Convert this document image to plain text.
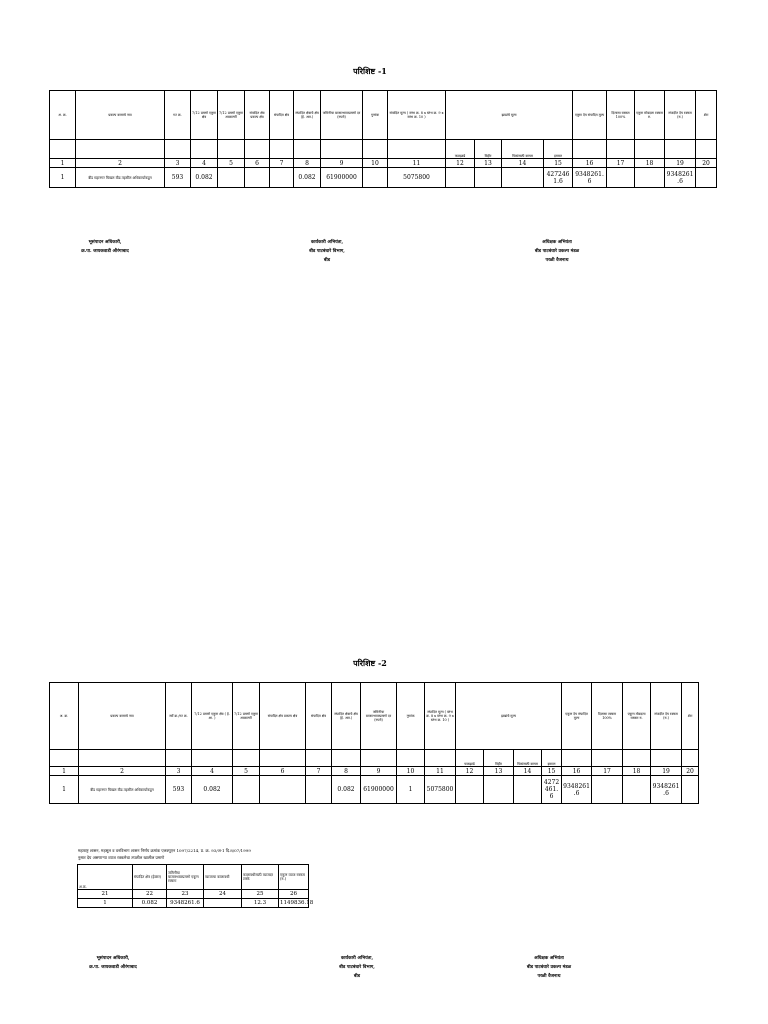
परिशिष्ट -1
अ. क्र.	प्रकल्प कामाचे नाव	गट क्र.	7/12 प्रमाणे एकूण क्षेत्र	7/12 प्रमाणे एकूण आकारणी	संपादित क्षेत्र प्रकल्प क्षेत्र	संपादित क्षेत्र	संपादित क्षेत्राचे क्षेत्र (हे. आर.)	जमिनीचा बाजारभावाप्रमाणे दर (रुपये)	गुणांक	संपादित मूल्य ( स्तंभ क्र. 8 x स्तंभ क्र. 9 x स्तंभ क्र. 10 )	झाडांचे मूल्य				एकूण देय संपादित मूल्य	दिलासा रक्कम 100%	एकूण मोबदला रक्कम रु.	संपादीत देय रक्कम (रु.)	शेरा
											फळझाडे	विहीर	पिकांसाठी कायम	इमारत					
1	2	3	4	5	6	7	8	9	10	11	12	13	14	15	16	17	18	19	20
1	बीड महानगर चिखल बीड तहसील अधिकार्याकडून	593	0.082				0.082	61900000		5075800				4272461.6	9348261.6			9348261.6	
भूसंपादन अधिकारी,
क्र.पा. जायकवाडी औरंगाबाद
कार्यकारी अभियंता,
बीड पाटबंधारे विभाग,
बीड
अधिक्षक अभियंता
बीड पाटबंधारे प्रकल्प मंडळ
परळी वैजनाथ
परिशिष्ट -2
अ. क्र.	प्रकल्प कामाचे नाव	सर्वे क्र./गट क्र.	7/12 प्रमाणे एकूण क्षेत्र ( हे. आ. )	7/12 प्रमाणे एकूण आकारणी	संपादित क्षेत्र प्रकल्प क्षेत्र	संपादित क्षेत्र	संपादित क्षेत्राचे क्षेत्र (हे. आर.)	जमिनीचा बाजारभावाप्रमाणे दर (रुपये)	गुणांक	संपादित मूल्य ( स्तंभ क्र. 8 x स्तंभ क्र. 9 x स्तंभ क्र. 10 )	झाडांचे मूल्य				एकूण देय संपादित मूल्य	दिलासा रक्कम 100%	एकूण मोबदला रक्कम रु.	संपादीत देय रक्कम (रु.)	शेरा
											फळझाडे	विहीर	पिकांसाठी कायम	इमारत					
1	2	3	4	5	6	7	8	9	10	11	12	13	14	15	16	17	18	19	20
1	बीड महानगर चिखल बीड तहसील अधिकार्याकडून	593	0.082				0.082	61900000	1	5075800				4272461.6	9348261.6			9348261.6	
महाराष्ट्र शासन, महसूल व वनविभाग शासन निर्णय क्रमांक एलक्यूएन 1097/2214, प्र. क्र. 93/अ-1 दि.8/07/1999
नुसार देय असणाऱ्या व्याज रक्कमेचा तपशील खालील प्रमाणे
अ.क्र.	संपादित क्षेत्र (हेक्टर)	जमिनीचा बाजारभावाप्रमाणे एकूण रक्कम	व्याजाचा कालावधी	कालावधीसाठी व्याजदर टक्के	एकूण व्याज रक्कम (रु.)
21	22	23	24	25	26
1	0.082	9348261.6		12.3	1149836.18
भूसंपादन अधिकारी,
क्र.पा. जायकवाडी औरंगाबाद
कार्यकारी अभियंता,
बीड पाटबंधारे विभाग,
बीड
अधिक्षक अभियंता
बीड पाटबंधारे प्रकल्प मंडळ
परळी वैजनाथ
